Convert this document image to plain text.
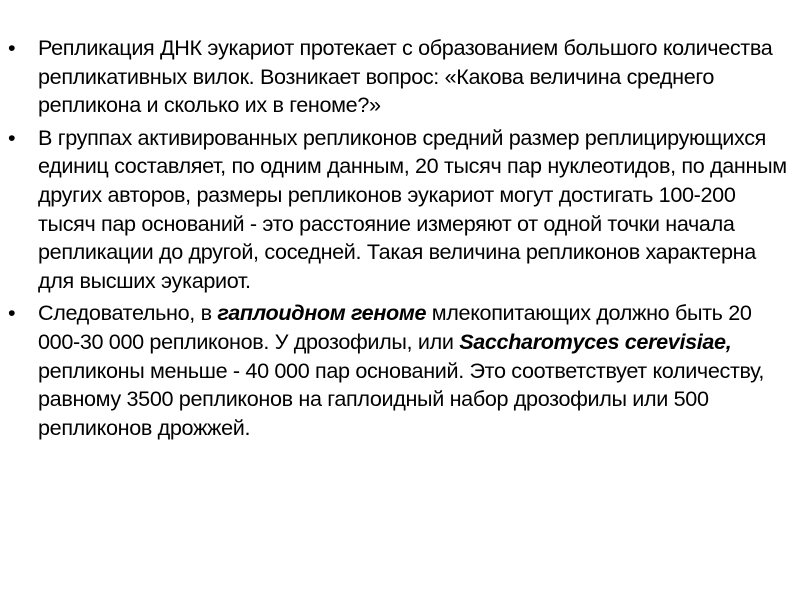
• Репликация ДНК эукариот протекает с образованием большого количества репликативных вилок. Возникает вопрос: «Какова величина среднего репликона и сколько их в геноме?»
• В группах активированных репликонов средний размер реплицирующихся единиц составляет, по одним данным, 20 тысяч пар нуклеотидов, по данным других авторов, размеры репликонов эукариот могут достигать 100-200 тысяч пар оснований - это расстояние измеряют от одной точки начала репликации до другой, соседней. Такая величина репликонов характерна для высших эукариот.
• Следовательно, в гаплоидном геноме млекопитающих должно быть 20 000-30 000 репликонов. У дрозофилы, или Saccharomyces cerevisiae, репликоны меньше - 40 000 пар оснований. Это соответствует количеству, равному 3500 репликонов на гаплоидный набор дрозофилы или 500 репликонов дрожжей.
